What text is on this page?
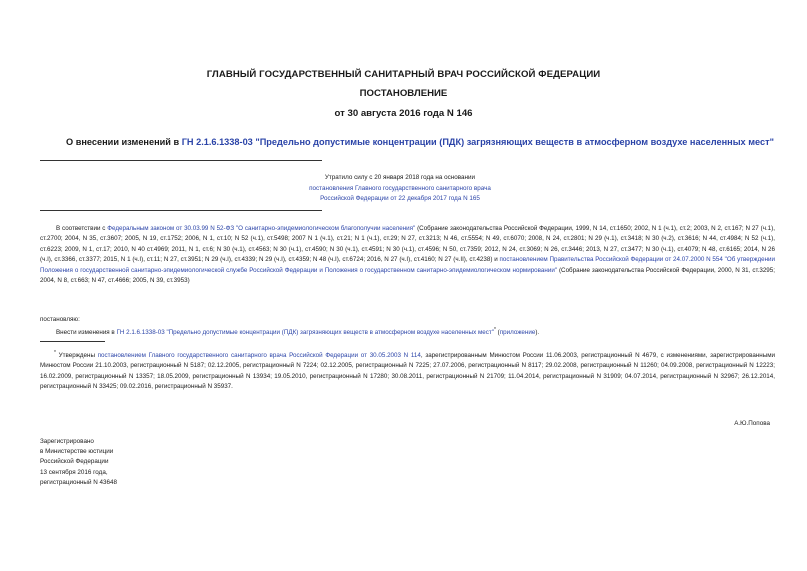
ГЛАВНЫЙ ГОСУДАРСТВЕННЫЙ САНИТАРНЫЙ ВРАЧ РОССИЙСКОЙ ФЕДЕРАЦИИ
ПОСТАНОВЛЕНИЕ
от 30 августа 2016 года N 146
О внесении изменений в ГН 2.1.6.1338-03 "Предельно допустимые концентрации (ПДК) загрязняющих веществ в атмосферном воздухе населенных мест"
Утратило силу с 20 января 2018 года на основании
постановления Главного государственного санитарного врача
Российской Федерации от 22 декабря 2017 года N 165
В соответствии с Федеральным законом от 30.03.99 N 52-ФЗ "О санитарно-эпидемиологическом благополучии населения" (Собрание законодательства Российской Федерации, 1999, N 14, ст.1650; 2002, N 1 (ч.1), ст.2; 2003, N 2, ст.167; N 27 (ч.1), ст.2700; 2004, N 35, ст.3607; 2005, N 19, ст.1752; 2006, N 1, ст.10; N 52 (ч.1), ст.5498; 2007 N 1 (ч.1), ст.21; N 1 (ч.1), ст.29; N 27, ст.3213; N 46, ст.5554; N 49, ст.6070; 2008, N 24, ст.2801; N 29 (ч.1), ст.3418; N 30 (ч.2), ст.3616; N 44, ст.4984; N 52 (ч.1), ст.6223; 2009, N 1, ст.17; 2010, N 40 ст.4969; 2011, N 1, ст.6; N 30 (ч.1), ст.4563; N 30 (ч.1), ст.4590; N 30 (ч.1), ст.4591; N 30 (ч.1), ст.4596; N 50, ст.7359; 2012, N 24, ст.3069; N 26, ст.3446; 2013, N 27, ст.3477; N 30 (ч.1), ст.4079; N 48, ст.6165; 2014, N 26 (ч.I), ст.3366, ст.3377; 2015, N 1 (ч.I), ст.11; N 27, ст.3951; N 29 (ч.I), ст.4339; N 29 (ч.I), ст.4359; N 48 (ч.I), ст.6724; 2016, N 27 (ч.I), ст.4160; N 27 (ч.II), ст.4238) и постановлением Правительства Российской Федерации от 24.07.2000 N 554 "Об утверждении Положения о государственной санитарно-эпидемиологической службе Российской Федерации и Положения о государственном санитарно-эпидемиологическом нормировании" (Собрание законодательства Российской Федерации, 2000, N 31, ст.3295; 2004, N 8, ст.663; N 47, ст.4666; 2005, N 39, ст.3953)
постановляю:
Внести изменения в ГН 2.1.6.1338-03 "Предельно допустимые концентрации (ПДК) загрязняющих веществ в атмосферном воздухе населенных мест"* (приложение).
* Утверждены постановлением Главного государственного санитарного врача Российской Федерации от 30.05.2003 N 114, зарегистрированным Минюстом России 11.06.2003, регистрационный N 4679, с изменениями, зарегистрированными Минюстом России 21.10.2003, регистрационный N 5187; 02.12.2005, регистрационный N 7224; 02.12.2005, регистрационный N 7225; 27.07.2006, регистрационный N 8117; 29.02.2008, регистрационный N 11260; 04.09.2008, регистрационный N 12223; 16.02.2009, регистрационный N 13357; 18.05.2009, регистрационный N 13934; 19.05.2010, регистрационный N 17280; 30.08.2011, регистрационный N 21709; 11.04.2014, регистрационный N 31909; 04.07.2014, регистрационный N 32967; 26.12.2014, регистрационный N 33425; 09.02.2016, регистрационный N 35937.
А.Ю.Попова
Зарегистрировано
в Министерстве юстиции
Российской Федерации
13 сентября 2016 года,
регистрационный N 43648
